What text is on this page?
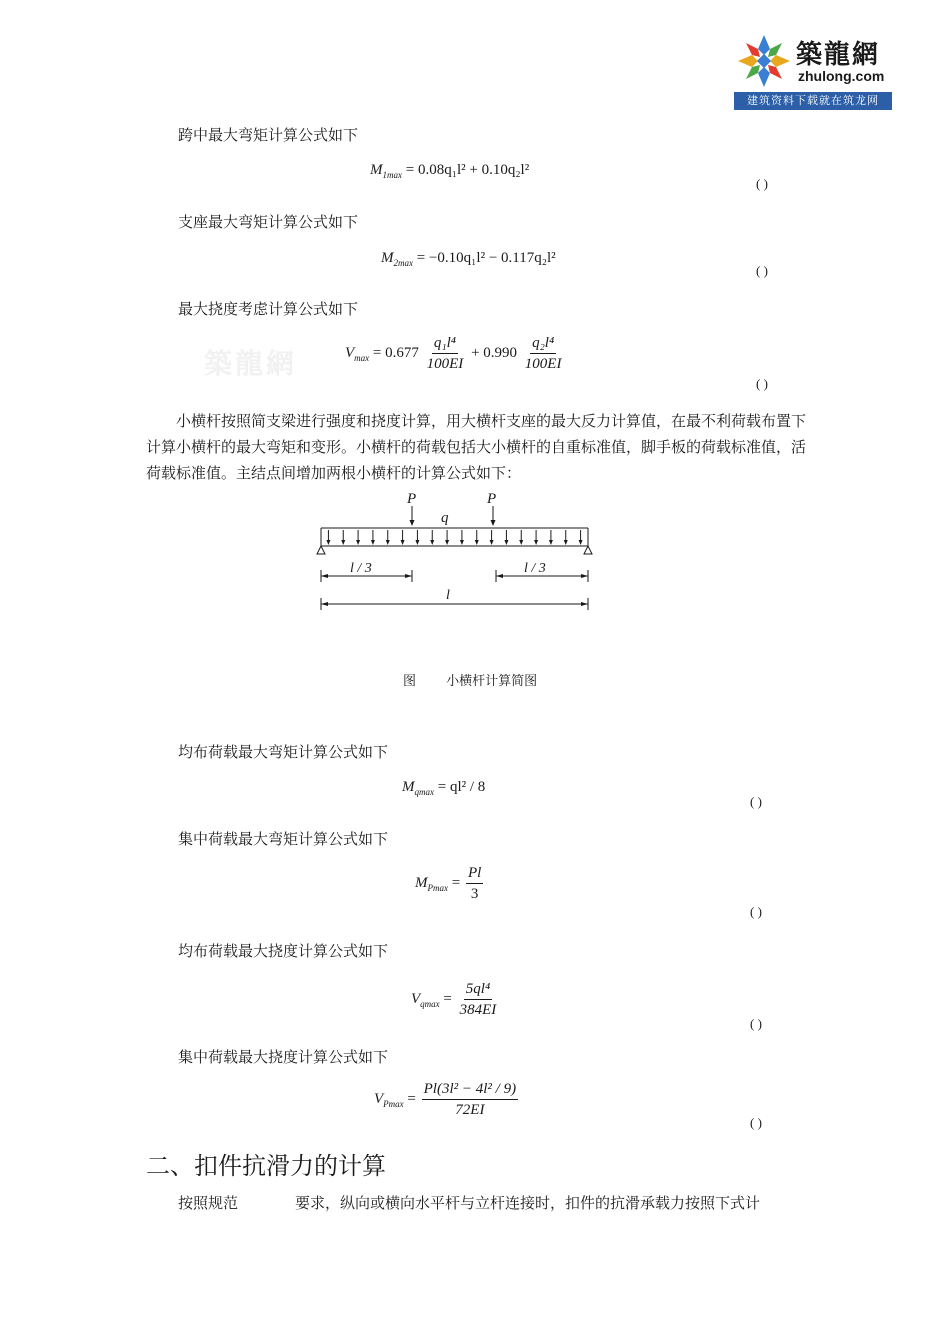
築龍網
zhulong.com
建筑资料下载就在筑龙网
跨中最大弯矩计算公式如下
$M_{1max} = 0.08q_1l^2 + 0.10q_2l^2$
( )
支座最大弯矩计算公式如下
$M_{2max} = -0.10q_1l^2 - 0.117q_2l^2$
( )
最大挠度考虑计算公式如下
築龍網	$V_{max} = 0.677 \frac{\text{q₁l⁴}}{100EI} + 0.990 \frac{\text{q₂l⁴}}{100EI}$
( )
小横杆按照简支梁进行强度和挠度计算，用大横杆支座的最大反力计算值，在最不利荷载布置下计算小横杆的最大弯矩和变形。小横杆的荷载包括大小横杆的自重标准值，脚手板的荷载标准值，活荷载标准值。主结点间增加两根小横杆的计算公式如下：
P	P
q
l / 3	l / 3
l
图 小横杆计算简图
均布荷载最大弯矩计算公式如下
$M_{qmax} = ql^2 / 8$
( )
集中荷载最大弯矩计算公式如下
$M_{Pmax} = \frac{Pl}{3}$
( )
均布荷载最大挠度计算公式如下
$V_{qmax} = \frac{\text{5ql⁴}}{384EI}$
( )
集中荷载最大挠度计算公式如下
$V_{Pmax} = \frac{\text{Pl(3l² − 4l² / 9)}}{72EI}$
( )
二、扣件抗滑力的计算
按照规范	要求，纵向或横向水平杆与立杆连接时，扣件的抗滑承载力按照下式计
